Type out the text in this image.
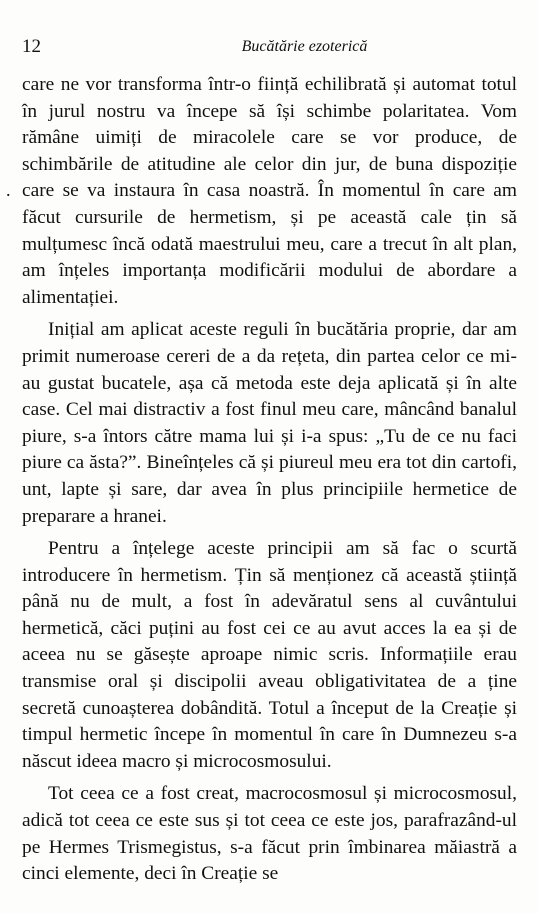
12	Bucătărie ezoterică
.

care ne vor transforma într-o ființă echilibrată și automat totul în jurul nostru va începe să își schimbe polaritatea. Vom rămâne uimiți de miracolele care se vor produce, de schimbările de atitudine ale celor din jur, de buna dispoziție care se va instaura în casa noastră. În momentul în care am făcut cursurile de hermetism, și pe această cale țin să mulțumesc încă odată maestrului meu, care a trecut în alt plan, am înțeles importanța modificării modului de abordare a alimentației.

Inițial am aplicat aceste reguli în bucătăria proprie, dar am primit numeroase cereri de a da rețeta, din partea celor ce mi-au gustat bucatele, așa că metoda este deja aplicată și în alte case. Cel mai distractiv a fost finul meu care, mâncând banalul piure, s-a întors către mama lui și i-a spus: „Tu de ce nu faci piure ca ăsta?”. Bineînțeles că și piureul meu era tot din cartofi, unt, lapte și sare, dar avea în plus principiile hermetice de preparare a hranei.

Pentru a înțelege aceste principii am să fac o scurtă introducere în hermetism. Țin să menționez că această știință până nu de mult, a fost în adevăratul sens al cuvântului hermetică, căci puțini au fost cei ce au avut acces la ea și de aceea nu se găsește aproape nimic scris. Informațiile erau transmise oral și discipolii aveau obligativitatea de a ține secretă cunoașterea dobândită. Totul a început de la Creație și timpul hermetic începe în momentul în care în Dumnezeu s-a născut ideea macro și microcosmosului.

Tot ceea ce a fost creat, macrocosmosul și microcosmosul, adică tot ceea ce este sus și tot ceea ce este jos, parafrazând-ul pe Hermes Trismegistus, s-a făcut prin îmbinarea măiastră a cinci elemente, deci în Creație se
